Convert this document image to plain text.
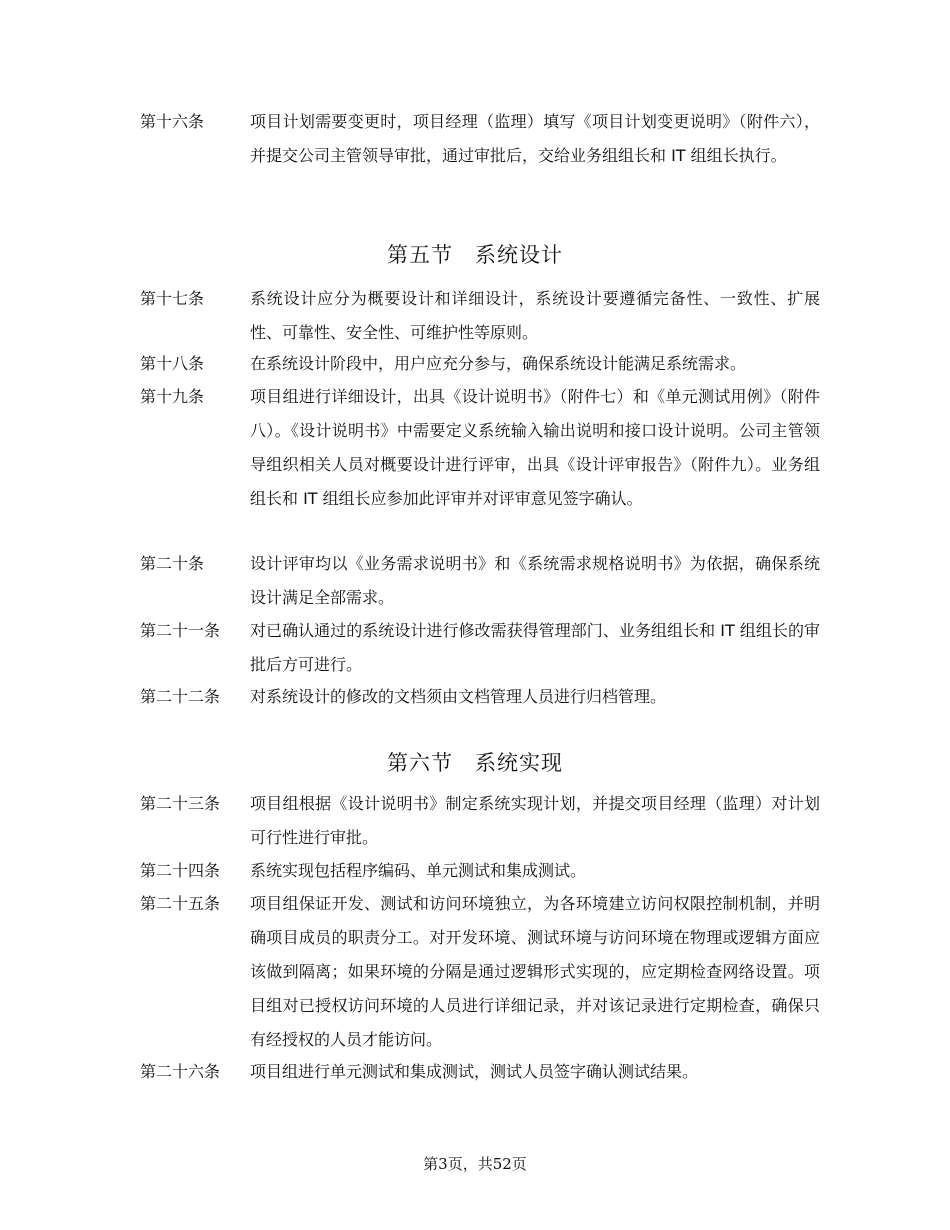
第十六条	项目计划需要变更时，项目经理（监理）填写《项目计划变更说明》（附件六），并提交公司主管领导审批，通过审批后，交给业务组组长和 IT 组组长执行。
第五节　系统设计
第十七条	系统设计应分为概要设计和详细设计，系统设计要遵循完备性、一致性、扩展性、可靠性、安全性、可维护性等原则。
第十八条	在系统设计阶段中，用户应充分参与，确保系统设计能满足系统需求。
第十九条	项目组进行详细设计，出具《设计说明书》（附件七）和《单元测试用例》（附件八）。《设计说明书》中需要定义系统输入输出说明和接口设计说明。公司主管领导组织相关人员对概要设计进行评审，出具《设计评审报告》（附件九）。业务组组长和 IT 组组长应参加此评审并对评审意见签字确认。
第二十条	设计评审均以《业务需求说明书》和《系统需求规格说明书》为依据，确保系统设计满足全部需求。
第二十一条	对已确认通过的系统设计进行修改需获得管理部门、业务组组长和 IT 组组长的审批后方可进行。
第二十二条	对系统设计的修改的文档须由文档管理人员进行归档管理。
第六节　系统实现
第二十三条	项目组根据《设计说明书》制定系统实现计划，并提交项目经理（监理）对计划可行性进行审批。
第二十四条	系统实现包括程序编码、单元测试和集成测试。
第二十五条	项目组保证开发、测试和访问环境独立，为各环境建立访问权限控制机制，并明确项目成员的职责分工。对开发环境、测试环境与访问环境在物理或逻辑方面应该做到隔离；如果环境的分隔是通过逻辑形式实现的，应定期检查网络设置。项目组对已授权访问环境的人员进行详细记录，并对该记录进行定期检查，确保只有经授权的人员才能访问。
第二十六条	项目组进行单元测试和集成测试，测试人员签字确认测试结果。
第3页，共52页
